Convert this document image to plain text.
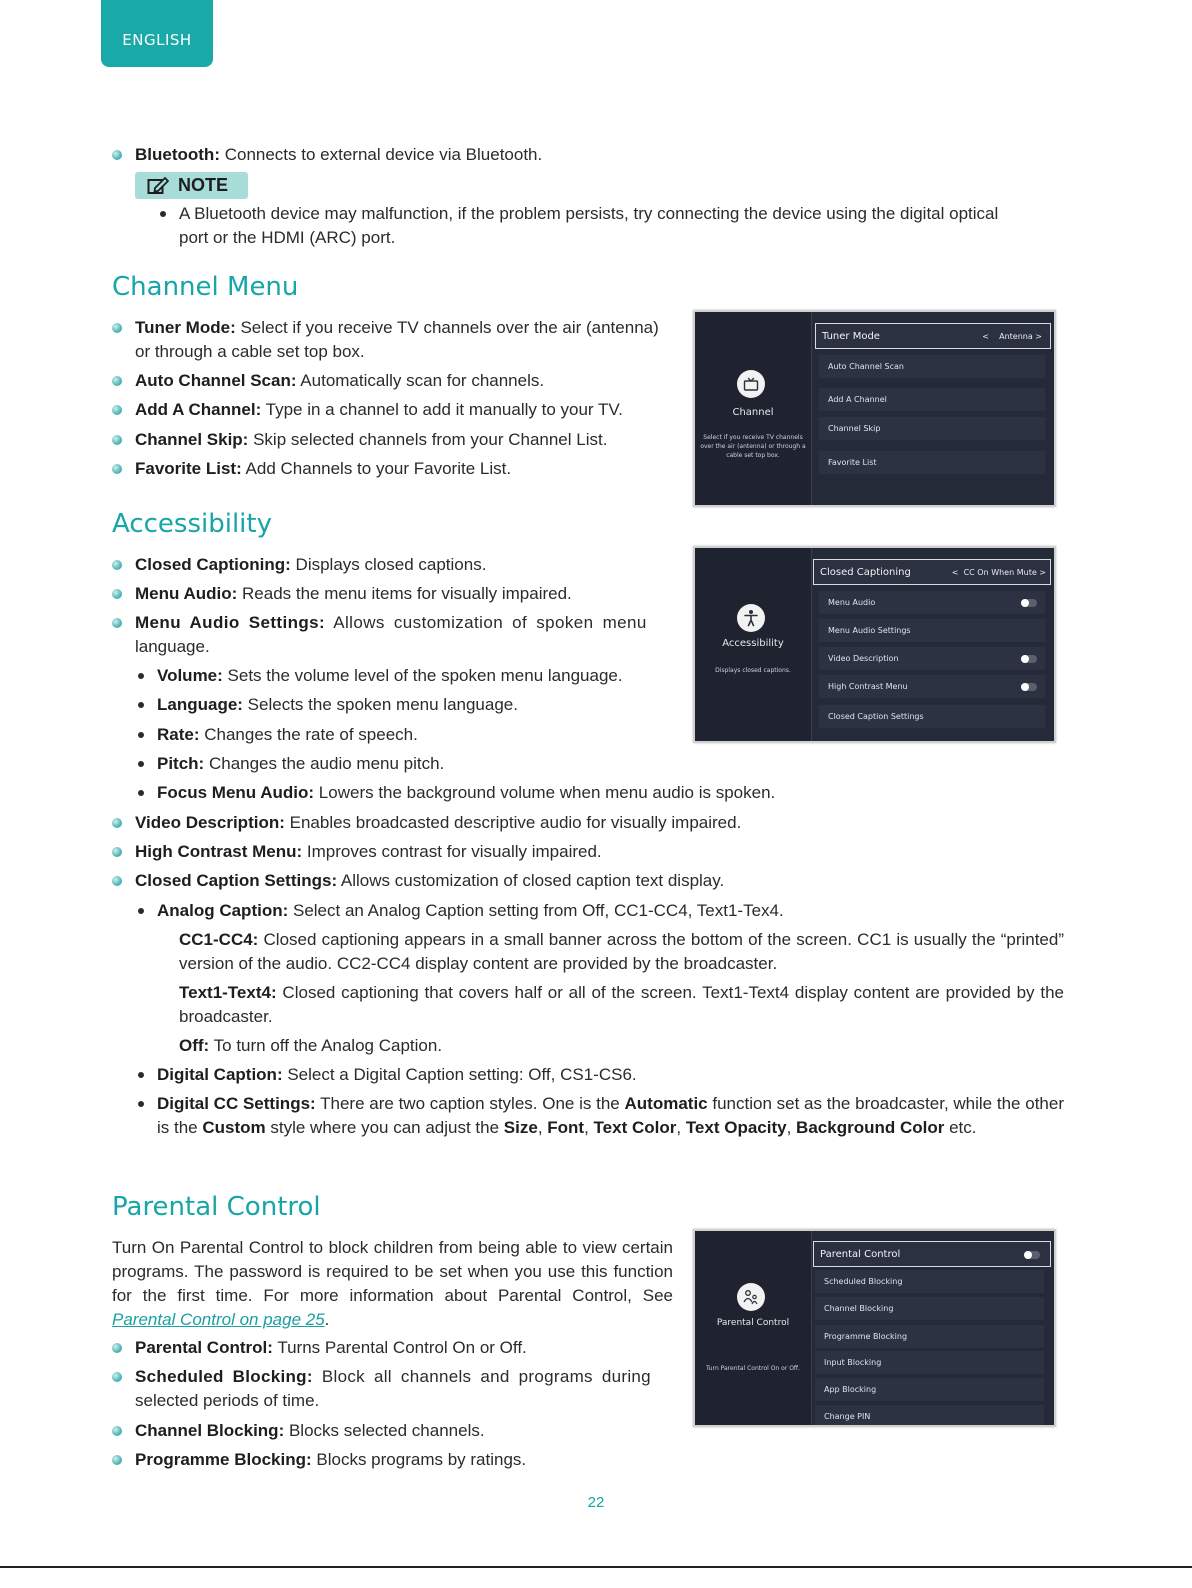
ENGLISH
Bluetooth: Connects to external device via Bluetooth.
NOTE
A Bluetooth device may malfunction, if the problem persists, try connecting the device using the digital optical
port or the HDMI (ARC) port.
Channel Menu
Tuner Mode: Select if you receive TV channels over the air (antenna)
or through a cable set top box.
Auto Channel Scan: Automatically scan for channels.
Add A Channel: Type in a channel to add it manually to your TV.
Channel Skip: Skip selected channels from your Channel List.
Favorite List: Add Channels to your Favorite List.
Channel
Select if you receive TV channels over the air (antenna) or through a cable set top box.
Tuner Mode	<    Antenna >
Auto Channel Scan
Add A Channel
Channel Skip
Favorite List
Accessibility
Closed Captioning: Displays closed captions.
Menu Audio: Reads the menu items for visually impaired.
Menu Audio Settings: Allows customization of spoken menu
language.
Volume: Sets the volume level of the spoken menu language.
Language: Selects the spoken menu language.
Rate: Changes the rate of speech.
Pitch: Changes the audio menu pitch.
Focus Menu Audio: Lowers the background volume when menu audio is spoken.
Video Description: Enables broadcasted descriptive audio for visually impaired.
High Contrast Menu: Improves contrast for visually impaired.
Closed Caption Settings: Allows customization of closed caption text display.
Analog Caption: Select an Analog Caption setting from Off, CC1-CC4, Text1-Tex4.
CC1-CC4: Closed captioning appears in a small banner across the bottom of the screen. CC1 is usually the “printed” version of the audio. CC2-CC4 display content are provided by the broadcaster.
Text1-Text4: Closed captioning that covers half or all of the screen. Text1-Text4 display content are provided by the broadcaster.
Off: To turn off the Analog Caption.
Digital Caption: Select a Digital Caption setting: Off, CS1-CS6.
Digital CC Settings: There are two caption styles. One is the Automatic function set as the broadcaster, while the other is the Custom style where you can adjust the Size, Font, Text Color, Text Opacity, Background Color etc.
Accessibility
Displays closed captions.
Closed Captioning	<  CC On When Mute >
Menu Audio
Menu Audio Settings
Video Description
High Contrast Menu
Closed Caption Settings
Parental Control
Turn On Parental Control to block children from being able to view certain programs. The password is required to be set when you use this function for the first time. For more information about Parental Control, See Parental Control on page 25.
Parental Control: Turns Parental Control On or Off.
Scheduled Blocking: Block all channels and programs during
selected periods of time.
Channel Blocking: Blocks selected channels.
Programme Blocking: Blocks programs by ratings.
Parental Control
Turn Parental Control On or Off.
Parental Control
Scheduled Blocking
Channel Blocking
Programme Blocking
Input Blocking
App Blocking
Change PIN
22
